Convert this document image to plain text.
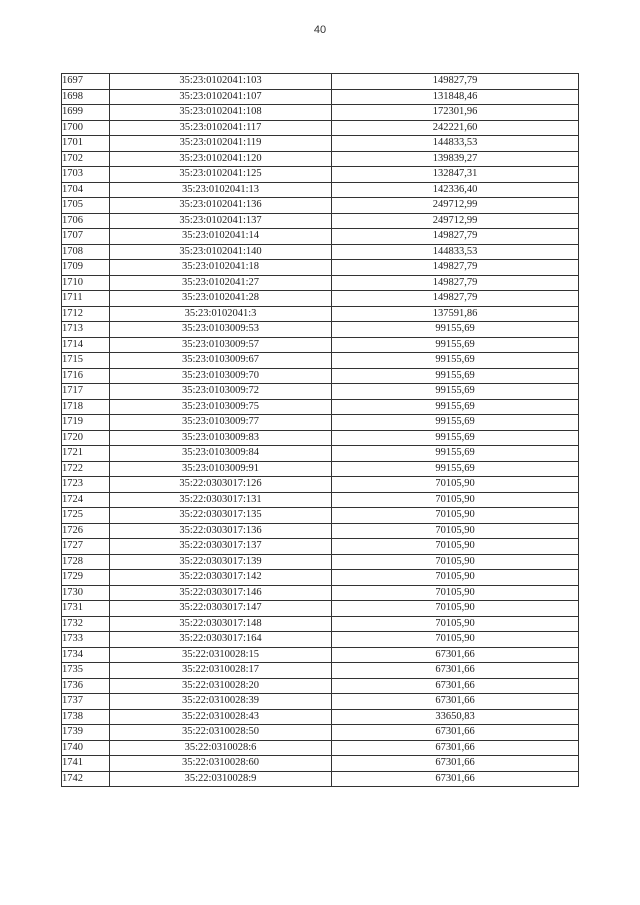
40
1697	35:23:0102041:103	149827,79
1698	35:23:0102041:107	131848,46
1699	35:23:0102041:108	172301,96
1700	35:23:0102041:117	242221,60
1701	35:23:0102041:119	144833,53
1702	35:23:0102041:120	139839,27
1703	35:23:0102041:125	132847,31
1704	35:23:0102041:13	142336,40
1705	35:23:0102041:136	249712,99
1706	35:23:0102041:137	249712,99
1707	35:23:0102041:14	149827,79
1708	35:23:0102041:140	144833,53
1709	35:23:0102041:18	149827,79
1710	35:23:0102041:27	149827,79
1711	35:23:0102041:28	149827,79
1712	35:23:0102041:3	137591,86
1713	35:23:0103009:53	99155,69
1714	35:23:0103009:57	99155,69
1715	35:23:0103009:67	99155,69
1716	35:23:0103009:70	99155,69
1717	35:23:0103009:72	99155,69
1718	35:23:0103009:75	99155,69
1719	35:23:0103009:77	99155,69
1720	35:23:0103009:83	99155,69
1721	35:23:0103009:84	99155,69
1722	35:23:0103009:91	99155,69
1723	35:22:0303017:126	70105,90
1724	35:22:0303017:131	70105,90
1725	35:22:0303017:135	70105,90
1726	35:22:0303017:136	70105,90
1727	35:22:0303017:137	70105,90
1728	35:22:0303017:139	70105,90
1729	35:22:0303017:142	70105,90
1730	35:22:0303017:146	70105,90
1731	35:22:0303017:147	70105,90
1732	35:22:0303017:148	70105,90
1733	35:22:0303017:164	70105,90
1734	35:22:0310028:15	67301,66
1735	35:22:0310028:17	67301,66
1736	35:22:0310028:20	67301,66
1737	35:22:0310028:39	67301,66
1738	35:22:0310028:43	33650,83
1739	35:22:0310028:50	67301,66
1740	35:22:0310028:6	67301,66
1741	35:22:0310028:60	67301,66
1742	35:22:0310028:9	67301,66
